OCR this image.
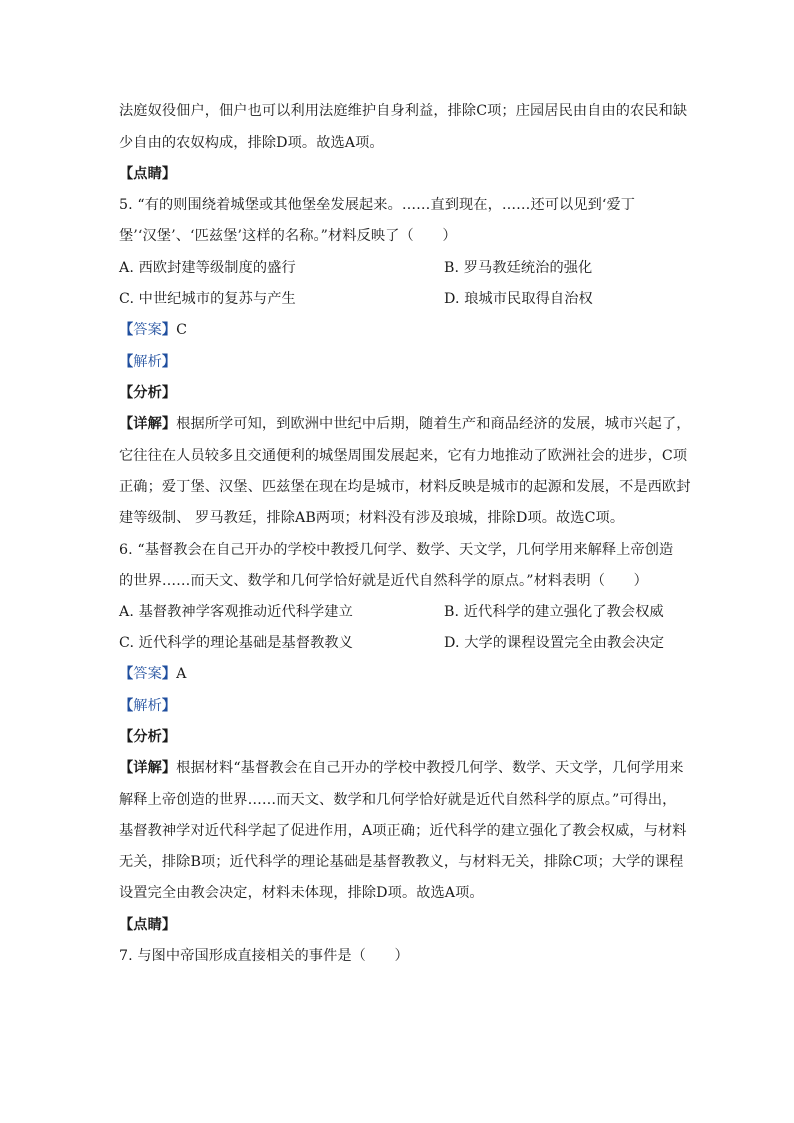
法庭奴役佃户，佃户也可以利用法庭维护自身利益，排除C项；庄园居民由自由的农民和缺
少自由的农奴构成，排除D项。故选A项。
【点睛】
5. “有的则围绕着城堡或其他堡垒发展起来。……直到现在，……还可以见到‘爱丁
堡’‘汉堡’、‘匹兹堡’这样的名称。”材料反映了（　　）
A. 西欧封建等级制度的盛行	B. 罗马教廷统治的强化
C. 中世纪城市的复苏与产生	D. 琅城市民取得自治权
【答案】C
【解析】
【分析】
【详解】根据所学可知，到欧洲中世纪中后期，随着生产和商品经济的发展，城市兴起了，
它往往在人员较多且交通便利的城堡周围发展起来，它有力地推动了欧洲社会的进步，C项
正确；爱丁堡、汉堡、匹兹堡在现在均是城市，材料反映是城市的起源和发展，不是西欧封
建等级制、 罗马教廷，排除AB两项；材料没有涉及琅城，排除D项。故选C项。
6. “基督教会在自己开办的学校中教授几何学、数学、天文学，几何学用来解释上帝创造
的世界……而天文、数学和几何学恰好就是近代自然科学的原点。”材料表明（　　）
A. 基督教神学客观推动近代科学建立	B. 近代科学的建立强化了教会权威
C. 近代科学的理论基础是基督教教义	D. 大学的课程设置完全由教会决定
【答案】A
【解析】
【分析】
【详解】根据材料“基督教会在自己开办的学校中教授几何学、数学、天文学，几何学用来
解释上帝创造的世界……而天文、数学和几何学恰好就是近代自然科学的原点。”可得出，
基督教神学对近代科学起了促进作用，A项正确；近代科学的建立强化了教会权威，与材料
无关，排除B项；近代科学的理论基础是基督教教义，与材料无关，排除C项；大学的课程
设置完全由教会决定，材料未体现，排除D项。故选A项。
【点睛】
7. 与图中帝国形成直接相关的事件是（　　）
